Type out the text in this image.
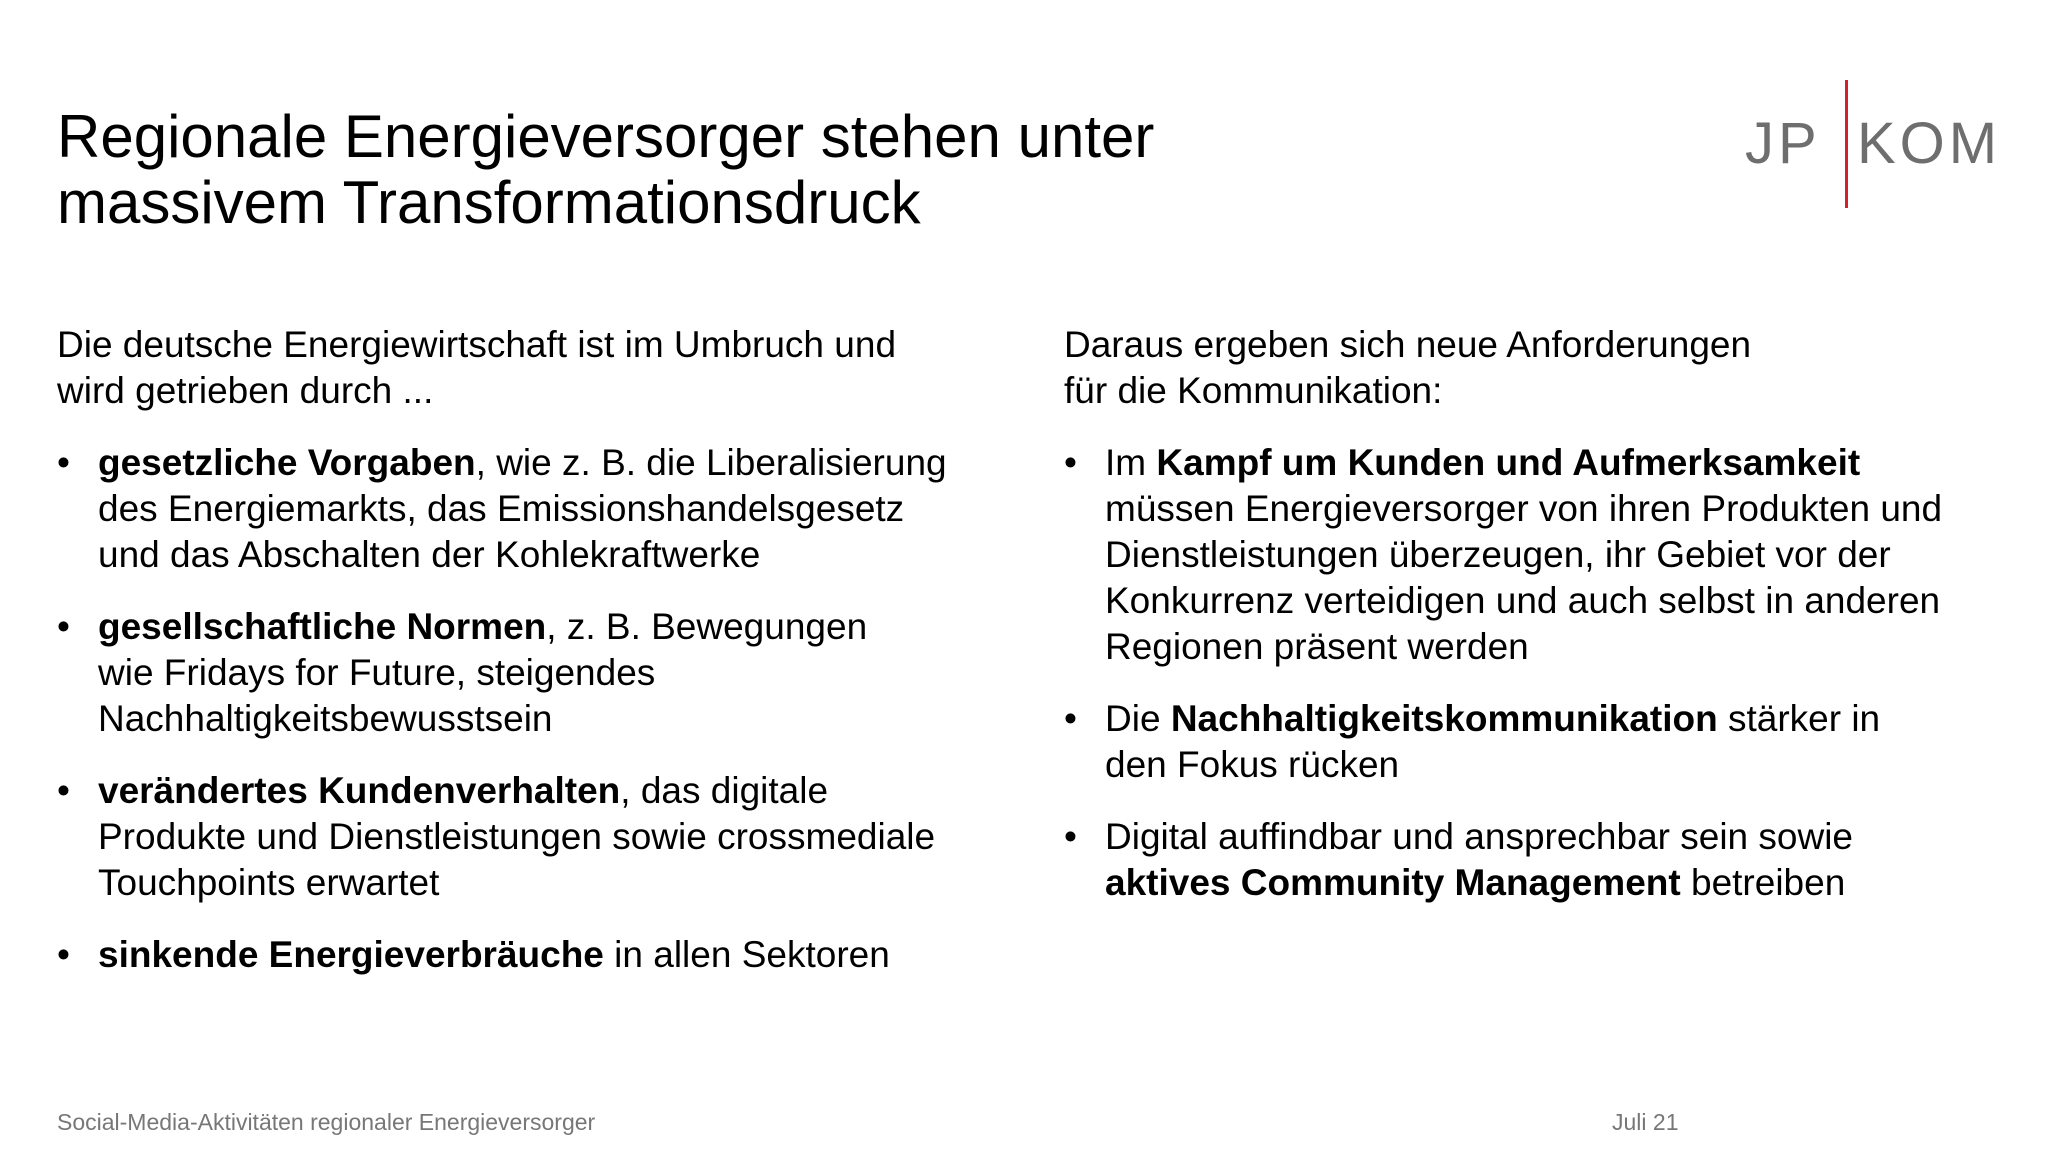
Regionale Energieversorger stehen unter
massivem Transformationsdruck
JP KOM
Die deutsche Energiewirtschaft ist im Umbruch und
wird getrieben durch ...
• gesetzliche Vorgaben, wie z. B. die Liberalisierung
des Energiemarkts, das Emissionshandelsgesetz
und das Abschalten der Kohlekraftwerke
• gesellschaftliche Normen, z. B. Bewegungen
wie Fridays for Future, steigendes
Nachhaltigkeitsbewusstsein
• verändertes Kundenverhalten, das digitale
Produkte und Dienstleistungen sowie crossmediale
Touchpoints erwartet
• sinkende Energieverbräuche in allen Sektoren
Daraus ergeben sich neue Anforderungen
für die Kommunikation:
• Im Kampf um Kunden und Aufmerksamkeit
müssen Energieversorger von ihren Produkten und
Dienstleistungen überzeugen, ihr Gebiet vor der
Konkurrenz verteidigen und auch selbst in anderen
Regionen präsent werden
• Die Nachhaltigkeitskommunikation stärker in
den Fokus rücken
• Digital auffindbar und ansprechbar sein sowie
aktives Community Management betreiben
Social-Media-Aktivitäten regionaler Energieversorger	Juli 21
